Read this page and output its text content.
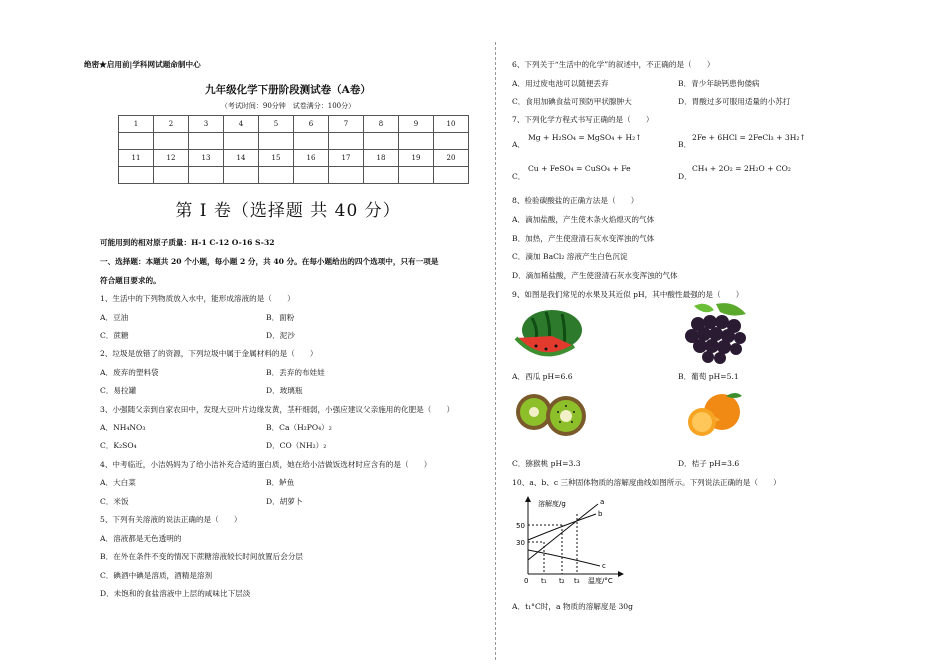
绝密★启用前|学科网试题命制中心
九年级化学下册阶段测试卷（A卷）
（考试时间：90分钟　试卷满分：100分）
1	2	3	4	5	6	7	8	9	10

11	12	13	14	15	16	17	18	19	20

第 I 卷（选择题 共 40 分）
可能用到的相对原子质量：H-1 C-12 O-16 S-32
一、选择题：本题共 20 个小题，每小题 2 分，共 40 分。在每小题给出的四个选项中，只有一项是
符合题目要求的。
1、生活中的下列物质放入水中，能形成溶液的是（　　）
A．豆油	B．面粉
C．蔗糖	D．泥沙
2、垃圾是放错了的资源，下列垃圾中属于金属材料的是（　　）
A．废弃的塑料袋	B．丢弃的布娃娃
C．易拉罐	D．玻璃瓶
3、小强随父亲到自家农田中，发现大豆叶片边缘发黄，茎秆细弱，小强应建议父亲施用的化肥是（　　）
A．NH₄NO₃	B．Ca（H₂PO₄）₂
C．K₂SO₄	D．CO（NH₂）₂
4、中考临近，小洁妈妈为了给小洁补充合适的蛋白质，她在给小洁做饭选材时应含有的是（　　）
A．大白菜	B．鲈鱼
C．米饭	D．胡萝卜
5、下列有关溶液的说法正确的是（　　）
A．溶液都是无色透明的
B．在外在条件不变的情况下蔗糖溶液较长时间放置后会分层
C．碘酒中碘是溶质，酒精是溶剂
D．未饱和的食盐溶液中上层的咸味比下层淡
6、下列关于“生活中的化学”的叙述中，不正确的是（　　）
A．用过废电池可以随便丢弃	B．青少年缺钙患佝偻病
C．食用加碘食盐可预防甲状腺肿大	D．胃酸过多可服用适量的小苏打
7、下列化学方程式书写正确的是（　　）
A．
Mg + H₂SO₄ = MgSO₄ + H₂↑
B．
2Fe + 6HCl = 2FeCl₃ + 3H₂↑
C．
Cu + FeSO₄ = CuSO₄ + Fe
D．
CH₄ + 2O₂ = 2H₂O + CO₂
8、检验碳酸盐的正确方法是（　　）
A．滴加盐酸，产生使木条火焰熄灭的气体
B．加热，产生使澄清石灰水变浑浊的气体
C．滴加 BaCl₂ 溶液产生白色沉淀
D．滴加稀盐酸，产生使澄清石灰水变浑浊的气体
9、如图是我们常见的水果及其近似 pH，其中酸性最强的是（　　）
A．西瓜 pH=6.6	B．葡萄 pH=5.1
C．猕猴桃 pH=3.3	D．桔子 pH=3.6
10、a、b、c 三种固体物质的溶解度曲线如图所示。下列说法正确的是（　　）
溶解度/g
50
30
0 t₁ t₂ t₃ 温度/°C
a
b
c
A．t₁°C时，a 物质的溶解度是 30g
